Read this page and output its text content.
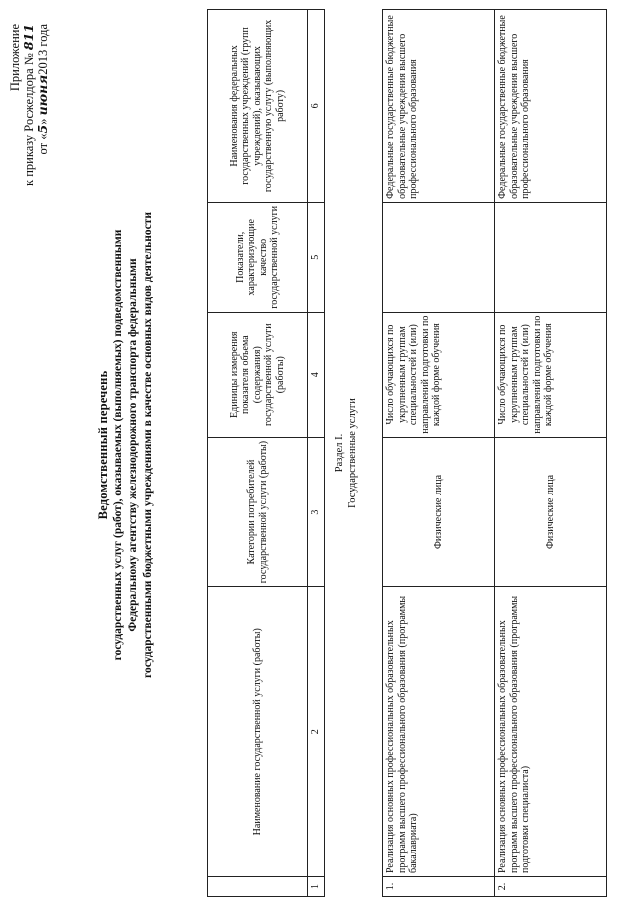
Приложение к приказу Росжелдора № 811
от «5» июня2013 года
Ведомственный перечень государственных услуг (работ), оказываемых (выполняемых) подведомственными Федеральному агентству железнодорожного транспорта федеральными государственными бюджетными учреждениями в качестве основных видов деятельности
	Наименование государственной услуги (работы)	Категории потребителей государственной услуги (работы)	Единицы измерения показателя объема (содержания) государственной услуги (работы)	Показатели, характеризующие качество государственной услуги	Наименования федеральных государственных учреждений (групп учреждений), оказывающих государственную услугу (выполняющих работу)
1	2	3	4	5	6
Раздел I. Государственные услуги
1.	Реализация основных профессиональных образовательных программ высшего профессионального образования (программы бакалавриата)	Физические лица	Число обучающихся по укрупненным группам специальностей и (или) направлений подготовки по каждой форме обучения		Федеральные государственные бюджетные образовательные учреждения высшего профессионального образования
2.	Реализация основных профессиональных образовательных программ высшего профессионального образования (программы подготовки специалиста)	Физические лица	Число обучающихся по укрупненным группам специальностей и (или) направлений подготовки по каждой форме обучения		Федеральные государственные бюджетные образовательные учреждения высшего профессионального образования
